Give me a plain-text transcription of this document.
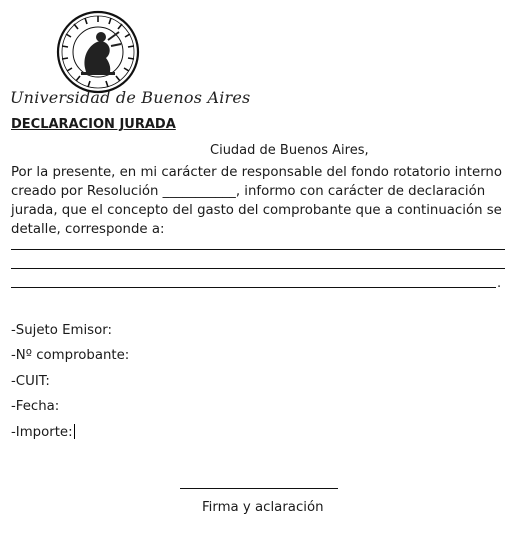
Universidad de Buenos Aires
DECLARACION JURADA
Ciudad de Buenos Aires,
Por la presente, en mi carácter de responsable del fondo rotatorio interno
creado por Resolución ___________, informo con carácter de declaración
jurada, que el concepto del gasto del comprobante que a continuación se
detalle, corresponde a:
.
-Sujeto Emisor:
-Nº comprobante:
-CUIT:
-Fecha:
-Importe:
Firma y aclaración
